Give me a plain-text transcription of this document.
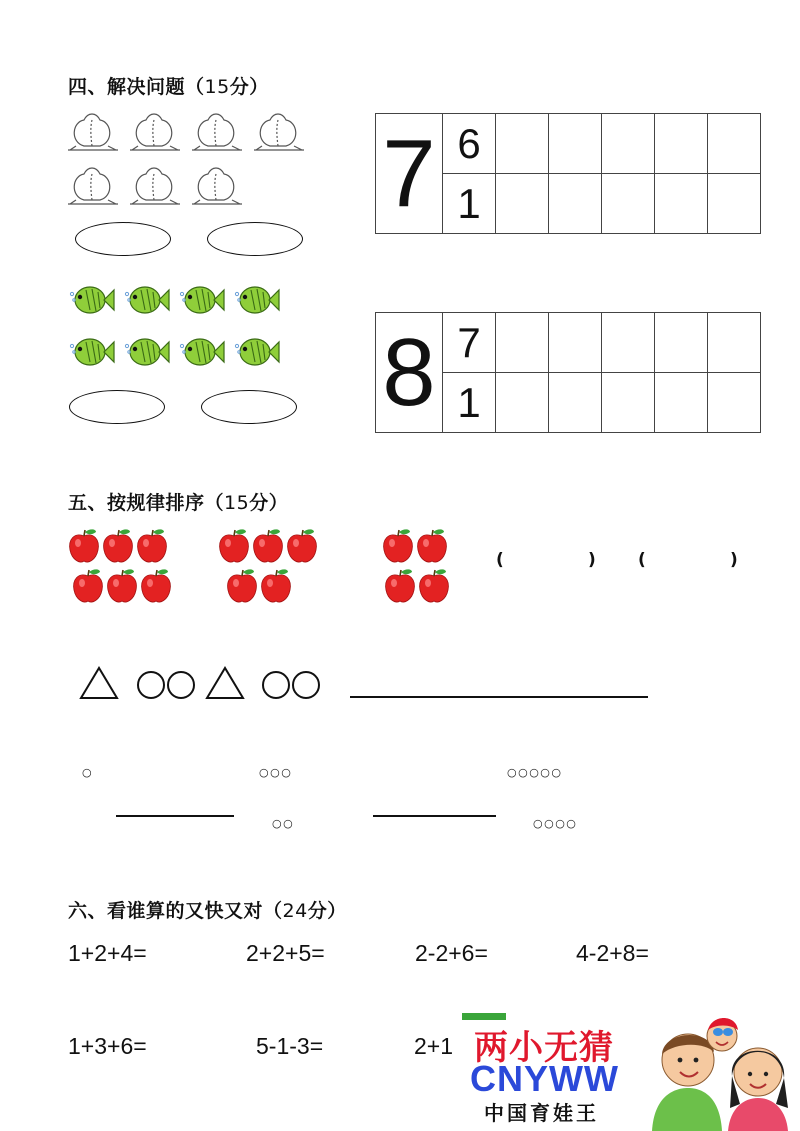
四、解决问题（15分）
7	6					
	1					
8	7					
	1					
五、按规律排序（15分）
(	) (	)
○	○○○	○○○○○
○○	○○○○
六、看谁算的又快又对（24分）
1+2+4=	2+2+5=	2-2+6=	4-2+8=
1+3+6=	5-1-3=	2+1 两小无猜
CNYWW
中国育娃王
